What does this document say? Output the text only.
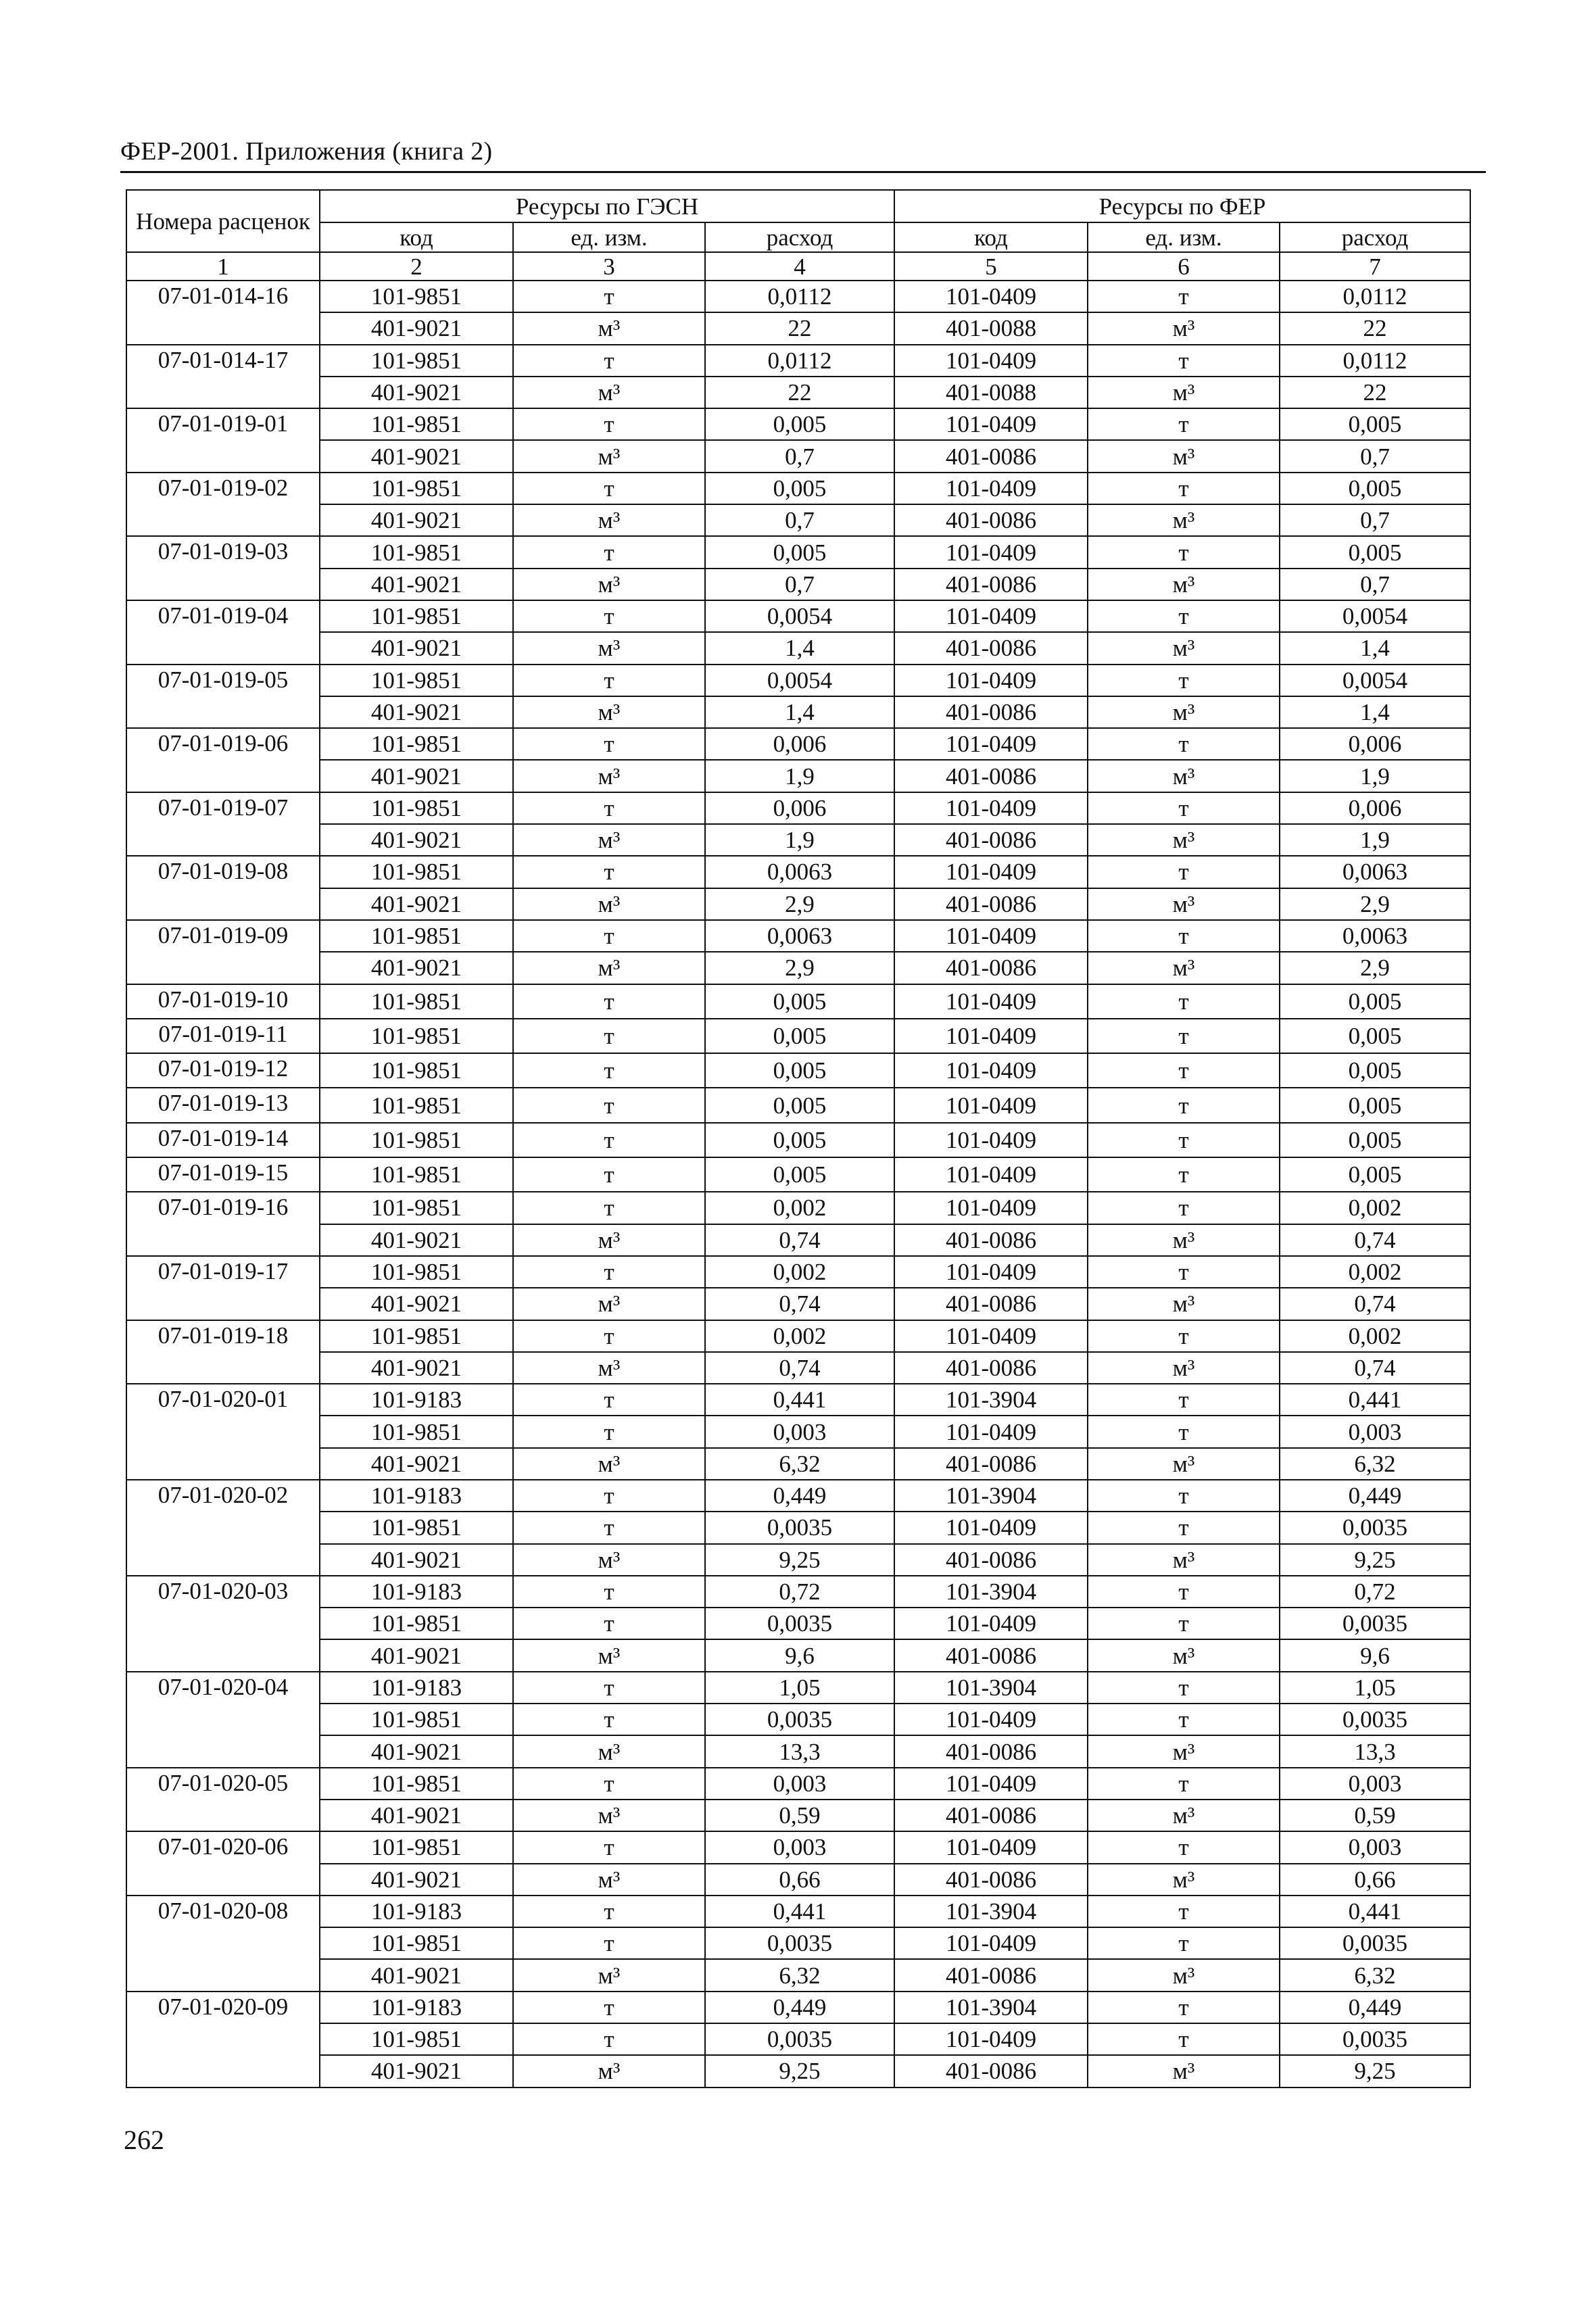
ФЕР-2001. Приложения (книга 2)
Номера расценок	Ресурсы по ГЭСН			Ресурсы по ФЕР		
	код	ед. изм.	расход	код	ед. изм.	расход
1	2	3	4	5	6	7
07-01-014-16	101-9851	т	0,0112	101-0409	т	0,0112
	401-9021	м³	22	401-0088	м³	22
07-01-014-17	101-9851	т	0,0112	101-0409	т	0,0112
	401-9021	м³	22	401-0088	м³	22
07-01-019-01	101-9851	т	0,005	101-0409	т	0,005
	401-9021	м³	0,7	401-0086	м³	0,7
07-01-019-02	101-9851	т	0,005	101-0409	т	0,005
	401-9021	м³	0,7	401-0086	м³	0,7
07-01-019-03	101-9851	т	0,005	101-0409	т	0,005
	401-9021	м³	0,7	401-0086	м³	0,7
07-01-019-04	101-9851	т	0,0054	101-0409	т	0,0054
	401-9021	м³	1,4	401-0086	м³	1,4
07-01-019-05	101-9851	т	0,0054	101-0409	т	0,0054
	401-9021	м³	1,4	401-0086	м³	1,4
07-01-019-06	101-9851	т	0,006	101-0409	т	0,006
	401-9021	м³	1,9	401-0086	м³	1,9
07-01-019-07	101-9851	т	0,006	101-0409	т	0,006
	401-9021	м³	1,9	401-0086	м³	1,9
07-01-019-08	101-9851	т	0,0063	101-0409	т	0,0063
	401-9021	м³	2,9	401-0086	м³	2,9
07-01-019-09	101-9851	т	0,0063	101-0409	т	0,0063
	401-9021	м³	2,9	401-0086	м³	2,9
07-01-019-10	101-9851	т	0,005	101-0409	т	0,005
07-01-019-11	101-9851	т	0,005	101-0409	т	0,005
07-01-019-12	101-9851	т	0,005	101-0409	т	0,005
07-01-019-13	101-9851	т	0,005	101-0409	т	0,005
07-01-019-14	101-9851	т	0,005	101-0409	т	0,005
07-01-019-15	101-9851	т	0,005	101-0409	т	0,005
07-01-019-16	101-9851	т	0,002	101-0409	т	0,002
	401-9021	м³	0,74	401-0086	м³	0,74
07-01-019-17	101-9851	т	0,002	101-0409	т	0,002
	401-9021	м³	0,74	401-0086	м³	0,74
07-01-019-18	101-9851	т	0,002	101-0409	т	0,002
	401-9021	м³	0,74	401-0086	м³	0,74
07-01-020-01	101-9183	т	0,441	101-3904	т	0,441
	101-9851	т	0,003	101-0409	т	0,003
	401-9021	м³	6,32	401-0086	м³	6,32
07-01-020-02	101-9183	т	0,449	101-3904	т	0,449
	101-9851	т	0,0035	101-0409	т	0,0035
	401-9021	м³	9,25	401-0086	м³	9,25
07-01-020-03	101-9183	т	0,72	101-3904	т	0,72
	101-9851	т	0,0035	101-0409	т	0,0035
	401-9021	м³	9,6	401-0086	м³	9,6
07-01-020-04	101-9183	т	1,05	101-3904	т	1,05
	101-9851	т	0,0035	101-0409	т	0,0035
	401-9021	м³	13,3	401-0086	м³	13,3
07-01-020-05	101-9851	т	0,003	101-0409	т	0,003
	401-9021	м³	0,59	401-0086	м³	0,59
07-01-020-06	101-9851	т	0,003	101-0409	т	0,003
	401-9021	м³	0,66	401-0086	м³	0,66
07-01-020-08	101-9183	т	0,441	101-3904	т	0,441
	101-9851	т	0,0035	101-0409	т	0,0035
	401-9021	м³	6,32	401-0086	м³	6,32
07-01-020-09	101-9183	т	0,449	101-3904	т	0,449
	101-9851	т	0,0035	101-0409	т	0,0035
	401-9021	м³	9,25	401-0086	м³	9,25
262
